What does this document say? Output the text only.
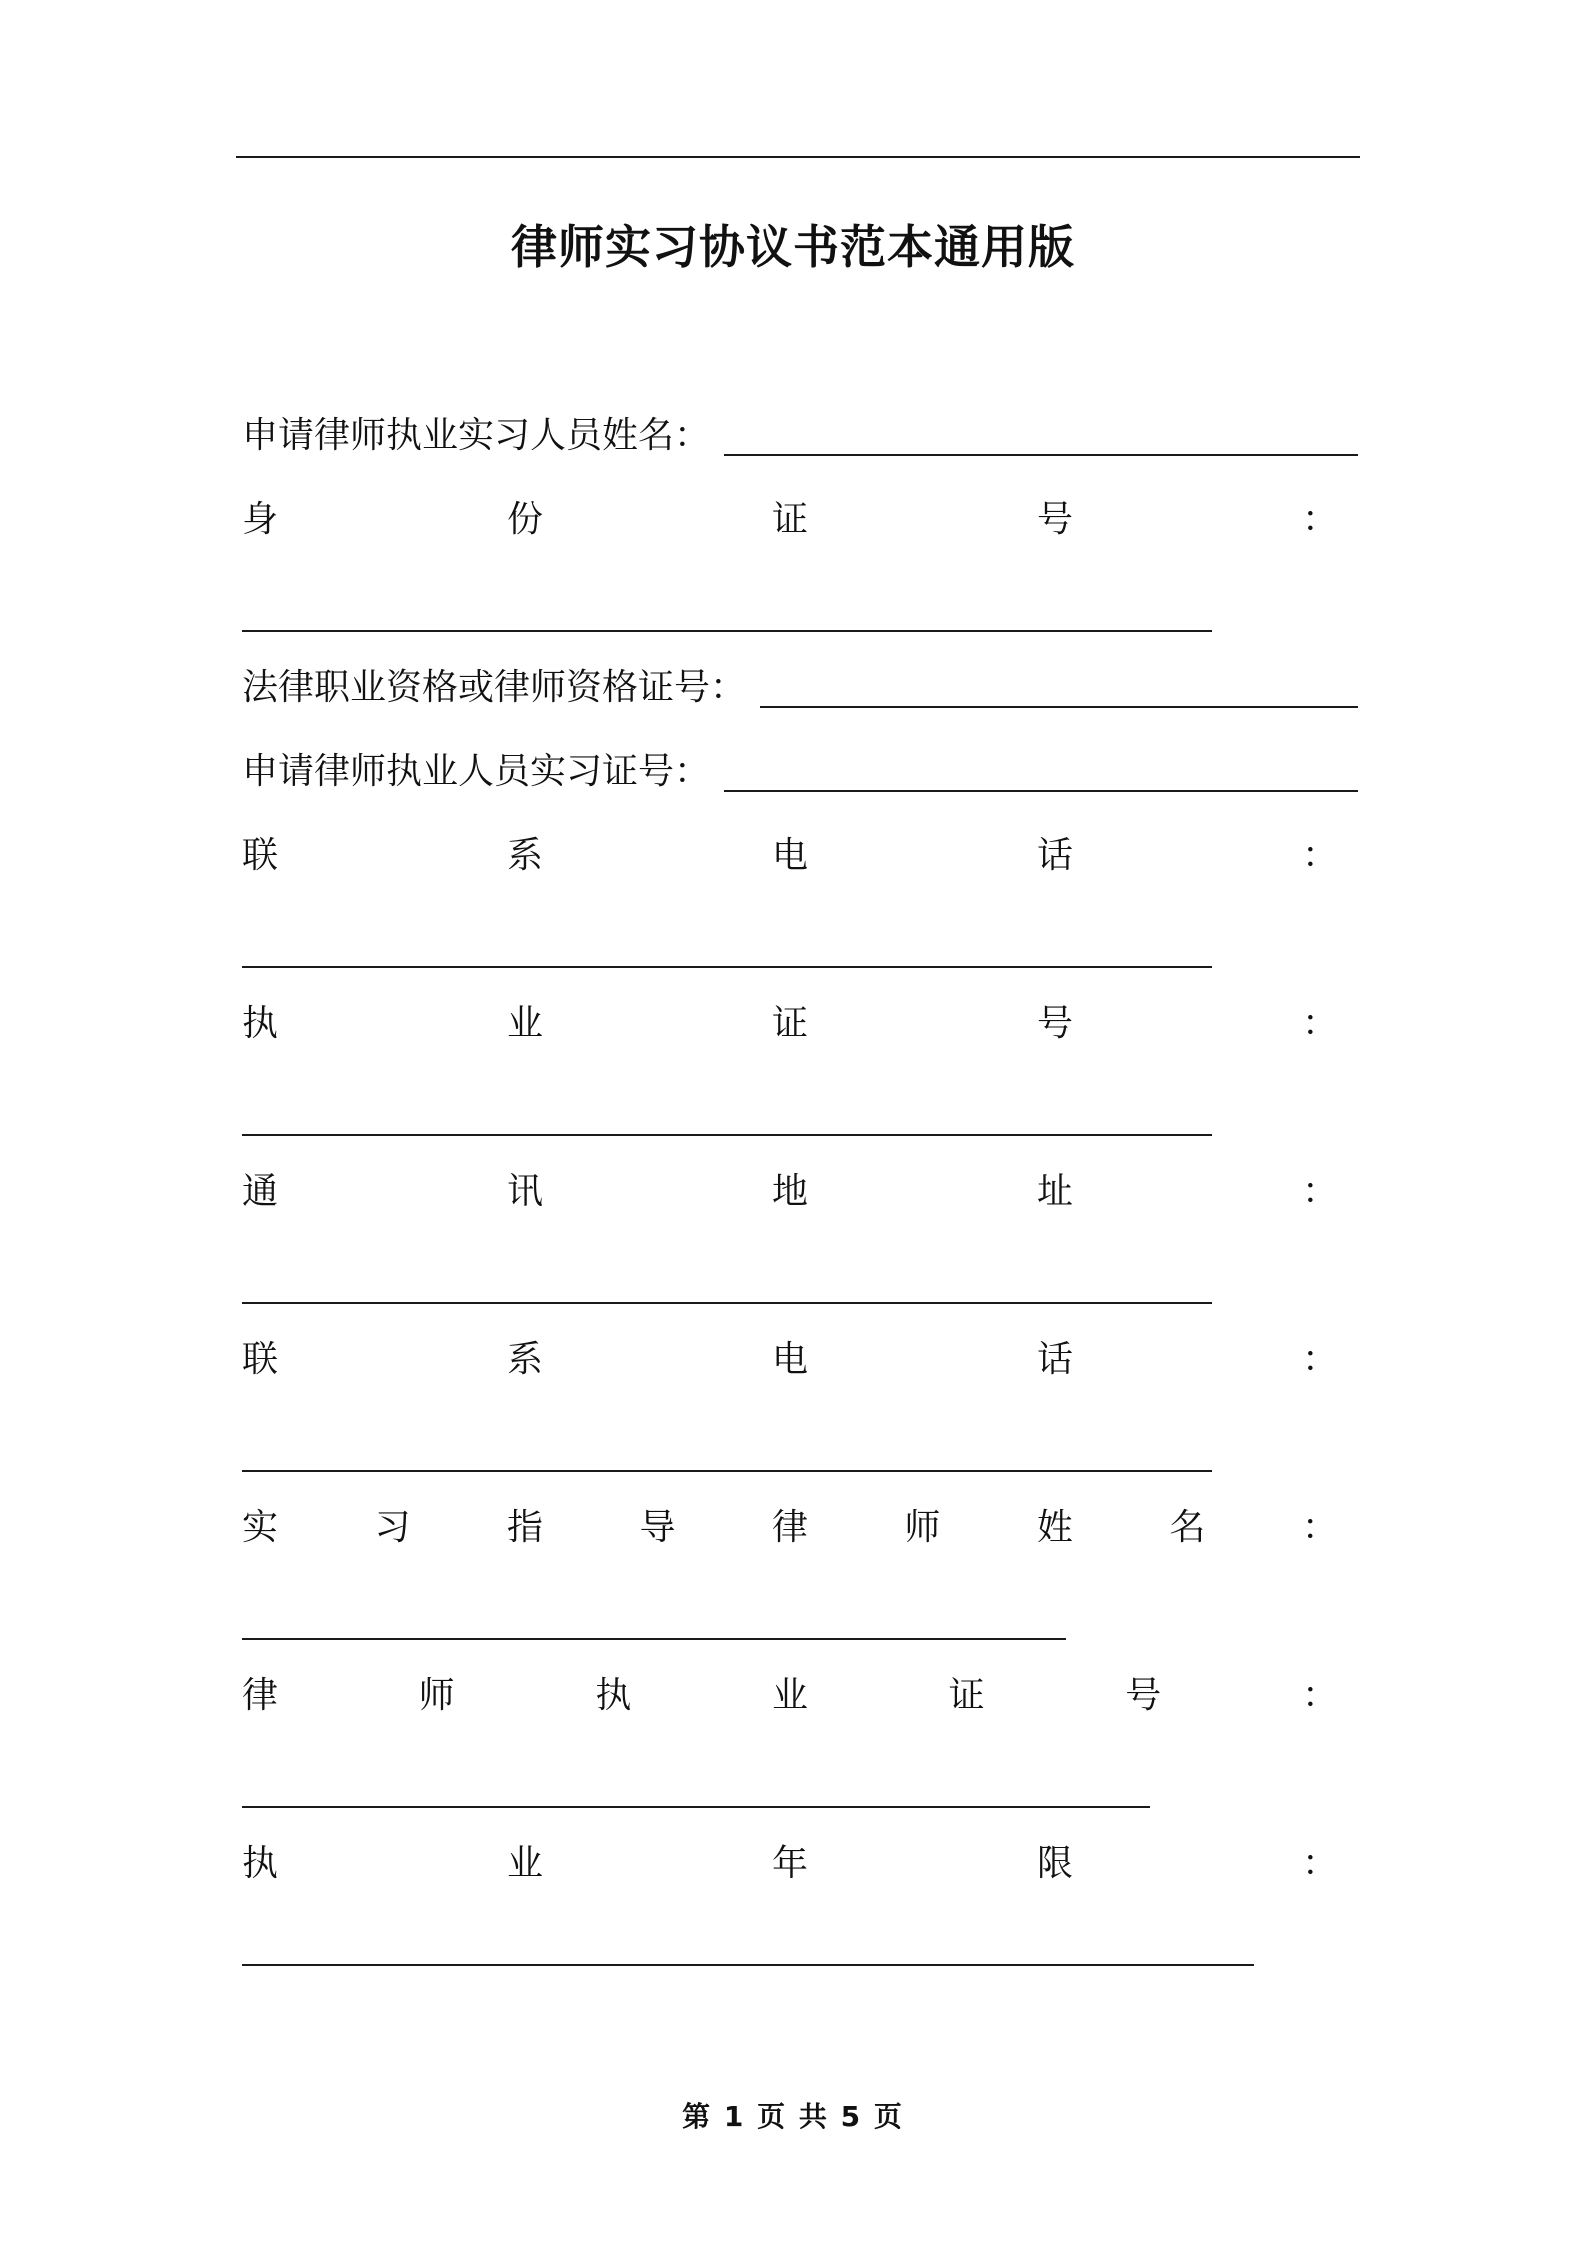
律师实习协议书范本通用版
申请律师执业实习人员姓名：
身	份	证	号	：
法律职业资格或律师资格证号：
申请律师执业人员实习证号：
联	系	电	话	：
执	业	证	号	：
通	讯	地	址	：
联	系	电	话	：
实	习	指	导	律	师	姓	名	：
律	师	执	业	证	号	：
执	业	年	限	：
第 1 页 共 5 页
